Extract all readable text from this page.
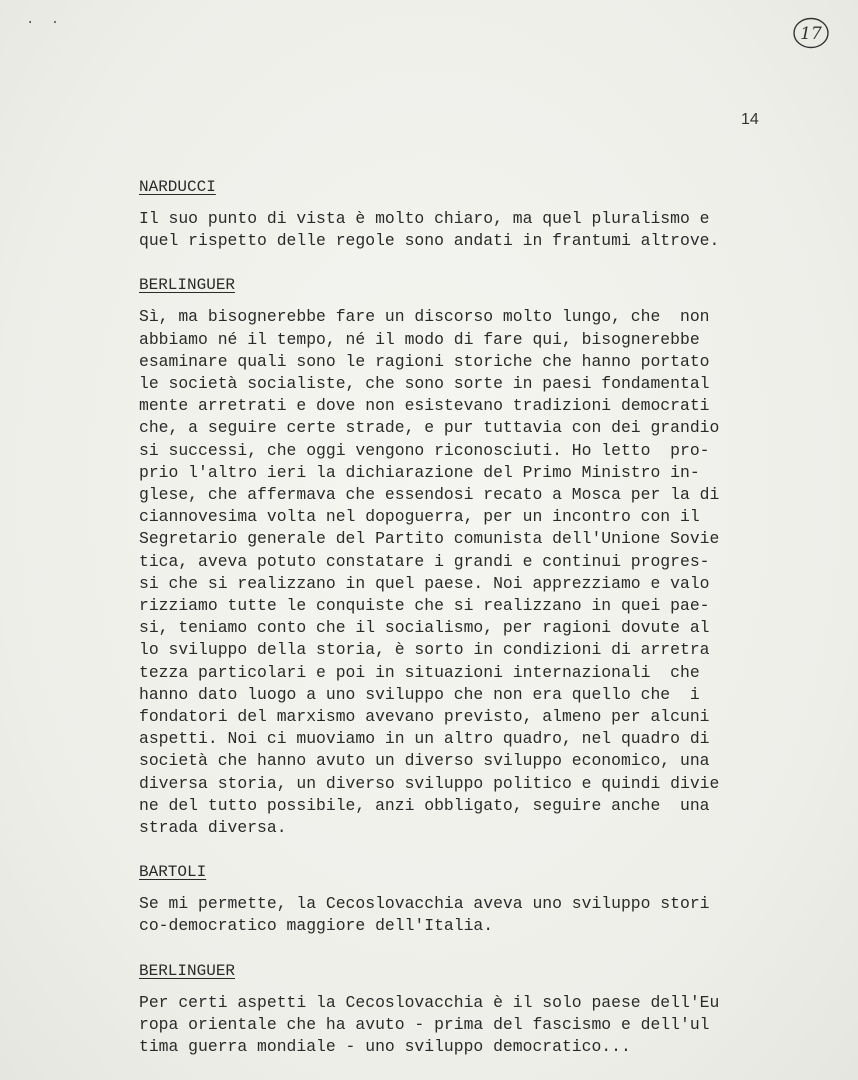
· ·
17
14

NARDUCCI

Il suo punto di vista è molto chiaro, ma quel pluralismo e
quel rispetto delle regole sono andati in frantumi altrove.

BERLINGUER

Sì, ma bisognerebbe fare un discorso molto lungo, che  non
abbiamo né il tempo, né il modo di fare qui, bisognerebbe
esaminare quali sono le ragioni storiche che hanno portato
le società socialiste, che sono sorte in paesi fondamental
mente arretrati e dove non esistevano tradizioni democrati
che, a seguire certe strade, e pur tuttavia con dei grandio
si successi, che oggi vengono riconosciuti. Ho letto  pro-
prio l'altro ieri la dichiarazione del Primo Ministro in-
glese, che affermava che essendosi recato a Mosca per la di
ciannovesima volta nel dopoguerra, per un incontro con il
Segretario generale del Partito comunista dell'Unione Sovie
tica, aveva potuto constatare i grandi e continui progres-
si che si realizzano in quel paese. Noi apprezziamo e valo
rizziamo tutte le conquiste che si realizzano in quei pae-
si, teniamo conto che il socialismo, per ragioni dovute al
lo sviluppo della storia, è sorto in condizioni di arretra
tezza particolari e poi in situazioni internazionali  che
hanno dato luogo a uno sviluppo che non era quello che  i
fondatori del marxismo avevano previsto, almeno per alcuni
aspetti. Noi ci muoviamo in un altro quadro, nel quadro di
società che hanno avuto un diverso sviluppo economico, una
diversa storia, un diverso sviluppo politico e quindi divie
ne del tutto possibile, anzi obbligato, seguire anche  una
strada diversa.

BARTOLI

Se mi permette, la Cecoslovacchia aveva uno sviluppo stori
co-democratico maggiore dell'Italia.

BERLINGUER

Per certi aspetti la Cecoslovacchia è il solo paese dell'Eu
ropa orientale che ha avuto - prima del fascismo e dell'ul
tima guerra mondiale - uno sviluppo democratico...
